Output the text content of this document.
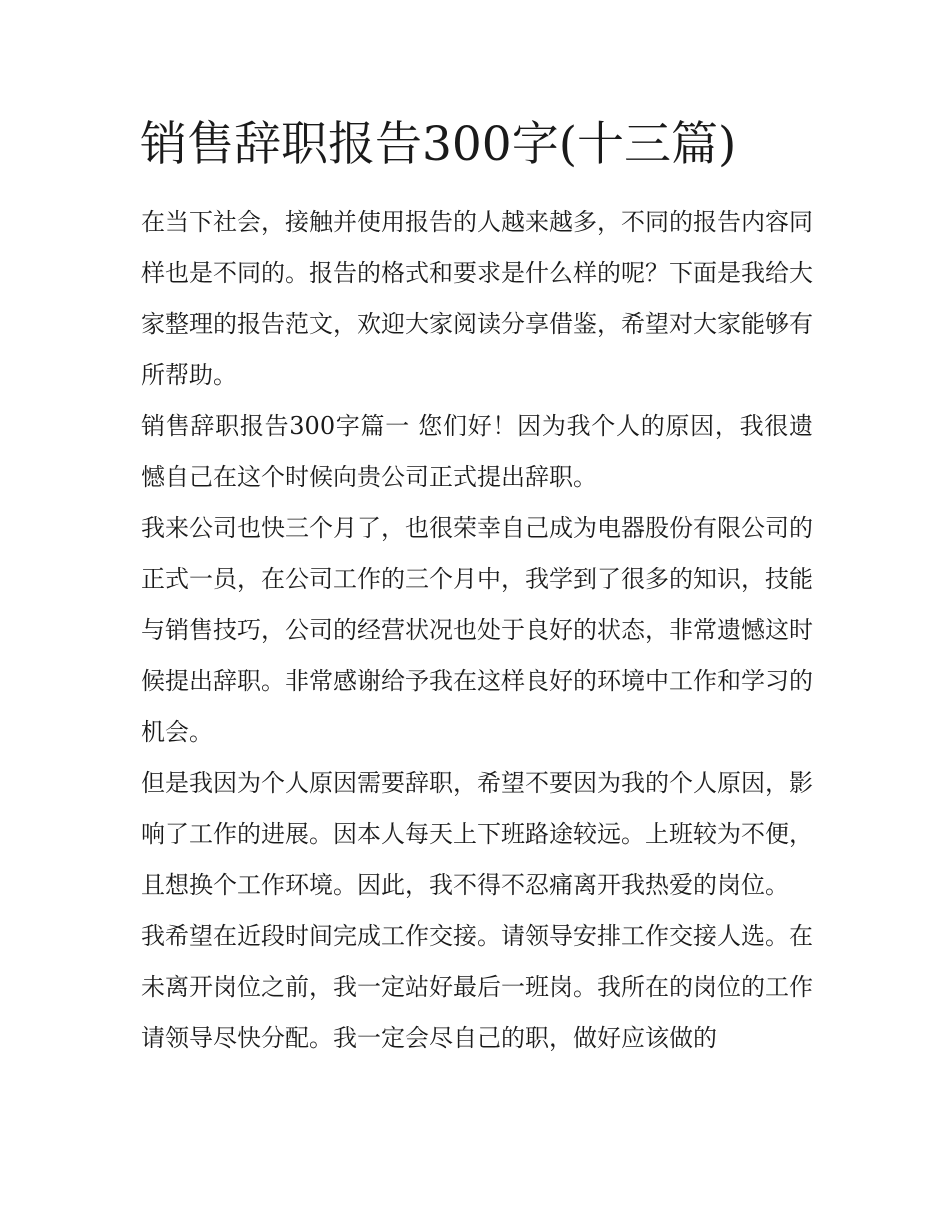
销售辞职报告300字(十三篇)

在当下社会，接触并使用报告的人越来越多，不同的报告内容同样也是不同的。报告的格式和要求是什么样的呢？下面是我给大家整理的报告范文，欢迎大家阅读分享借鉴，希望对大家能够有所帮助。

销售辞职报告300字篇一 您们好！因为我个人的原因，我很遗憾自己在这个时候向贵公司正式提出辞职。

我来公司也快三个月了，也很荣幸自己成为电器股份有限公司的正式一员，在公司工作的三个月中，我学到了很多的知识，技能与销售技巧，公司的经营状况也处于良好的状态，非常遗憾这时候提出辞职。非常感谢给予我在这样良好的环境中工作和学习的机会。

但是我因为个人原因需要辞职，希望不要因为我的个人原因，影响了工作的进展。因本人每天上下班路途较远。上班较为不便，且想换个工作环境。因此，我不得不忍痛离开我热爱的岗位。

我希望在近段时间完成工作交接。请领导安排工作交接人选。在未离开岗位之前，我一定站好最后一班岗。我所在的岗位的工作请领导尽快分配。我一定会尽自己的职，做好应该做的
